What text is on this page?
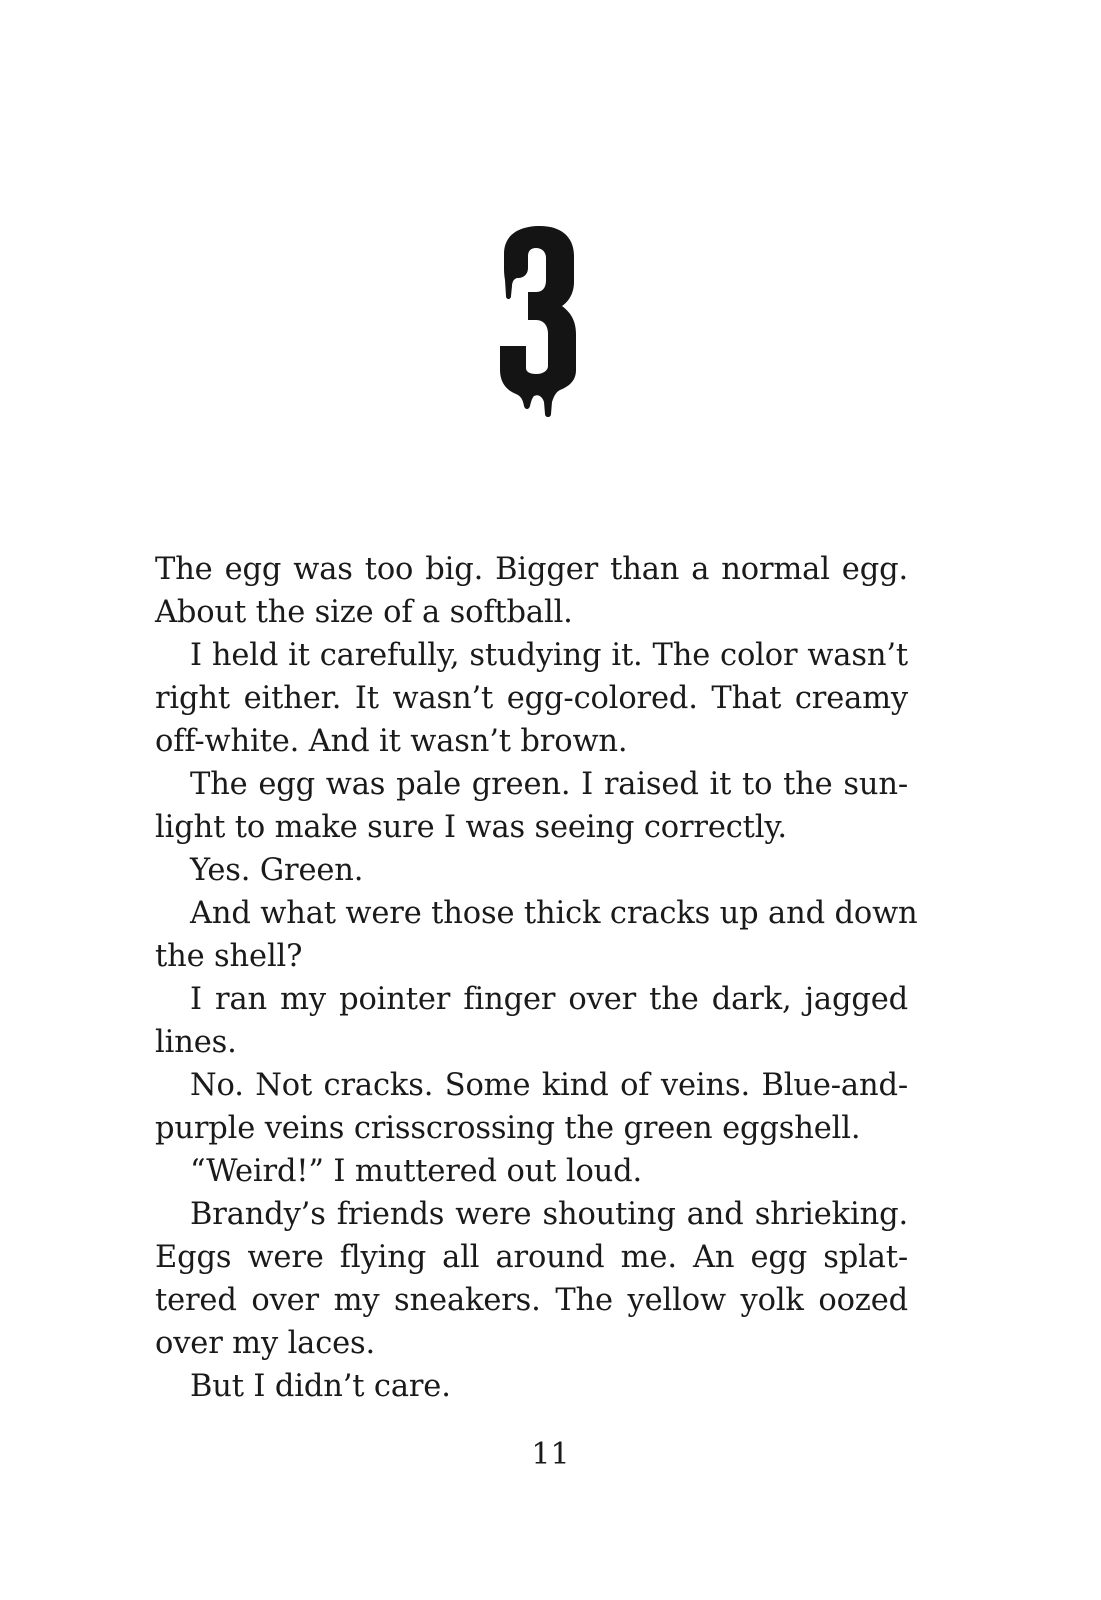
The egg was too big. Bigger than a normal egg.
About the size of a softball.
I held it carefully, studying it. The color wasn’t
right either. It wasn’t egg-colored. That creamy
off-white. And it wasn’t brown.
The egg was pale green. I raised it to the sun-
light to make sure I was seeing correctly.
Yes. Green.
And what were those thick cracks up and down
the shell?
I ran my pointer finger over the dark, jagged
lines.
No. Not cracks. Some kind of veins. Blue-and-
purple veins crisscrossing the green eggshell.
“Weird!” I muttered out loud.
Brandy’s friends were shouting and shrieking.
Eggs were flying all around me. An egg splat-
tered over my sneakers. The yellow yolk oozed
over my laces.
But I didn’t care.
11
